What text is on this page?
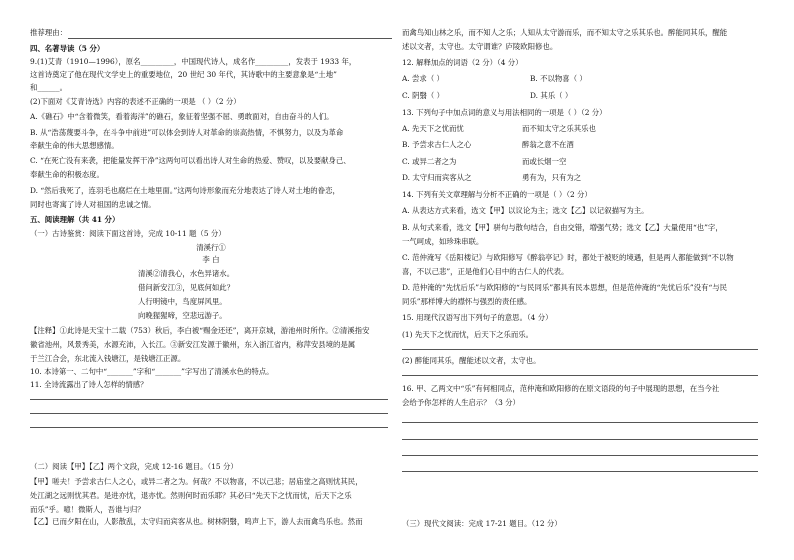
推荐理由：
四、名著导读（5 分）
9.(1)艾青（1910—1996），原名_________，中国现代诗人，成名作_________，发表于 1933 年，
这首诗奠定了他在现代文学史上的重要地位，20 世纪 30 年代，其诗歌中的主要意象是“土地”
和______。
(2)下面对《艾青诗选》内容的表述不正确的一项是 （ ）（2 分）
A.《礁石》中“含着微笑，看着海洋”的礁石，象征着坚强不屈、勇敢面对，自由奋斗的人们。
B. 从“浩荡蔑要斗争，在斗争中前进”可以体会到诗人对革命的崇高热情，不惧努力，以及为革命
牵献生命的伟大思想感情。
C. “在死亡没有来袭，把能量发挥干净”这两句可以看出诗人对生命的热爱、赞叹，以及要献身己、
奉献生命的积极态度。
D. “然后我死了，连羽毛也腐烂在土地里面。”这两句诗形象而充分地表达了诗人对土地的眷恋，
同时也寄寓了诗人对祖国的忠诚之情。
五、阅读理解（共 41 分）
（一）古诗鉴赏：阅读下面这首诗，完成 10-11 题（5 分）
清溪行①
李 白
清溪②清我心，水色异诸水。
借问新安江③，见底何如此？
人行明镜中，鸟度屏风里。
向晚猩猩啼，空悲远游子。
【注释】①此诗是天宝十二载（753）秋后，李白被“赐金还还”，离开京城，游池州时所作。②清溪指安
徽省池州，风景秀美，水源充沛，入长江。③新安江发源于徽州，东入浙江省内，称萍安县境的是属
于兰江合会，东北流入钱塘江，是钱塘江正源。
10. 本诗第一、二句中“_______”字和“_______”字写出了清溪水色的特点。
11. 全诗流露出了诗人怎样的情感？
（二）阅读【甲】【乙】两个文段，完成 12-16 题目。（15 分）
【甲】嗟夫！予尝求古仁人之心，或异二者之为。何哉？不以物喜，不以己悲；居庙堂之高则忧其民，
处江湖之远则忧其君。是进亦忧，退亦忧。然则何时而乐耶？其必曰“先天下之忧而忧，后天下之乐
而乐”乎。噫！微斯人，吾谁与归？
【乙】已而夕阳在山，人影散乱，太守归而宾客从也。树林阴翳，鸣声上下，游人去而禽鸟乐也。然而
而禽鸟知山林之乐，而不知人之乐；人知从太守游而乐，而不知太守之乐其乐也。醉能同其乐，醒能
述以文者，太守也。太守谓谁？庐陵欧阳修也。
12. 解释加点的词语（2 分）（4 分）
A. 尝求（ ）	B. 不以物喜（ ）
C. 阴翳（ ）	D. 其乐（ ）
13. 下列句子中加点词的意义与用法相同的一项是（ ）（2 分）
A. 先天下之忧而忧	而不知太守之乐其乐也
B. 予尝求古仁人之心	醉翁之意不在酒
C. 或异二者之为	而或长烟一空
D. 太守归而宾客从之	勇有为，只有为之
14. 下列有关文章理解与分析不正确的一项是（ ）（2 分）
A. 从表达方式来看，选文【甲】以议论为主；选文【乙】以记叙描写为主。
B. 从句式来看，选文【甲】骈句与散句结合，自由交错，増强气势；选文【乙】大量使用“也”字，
一气呵成，如珍珠串联。
C. 范仲淹写《岳阳楼记》与欧阳修写《醉翁亭记》时，都处于被贬的境遇，但是两人都能做到“不以物
喜，不以己悲”，正是他们心目中的古仁人的代表。
D. 范仲淹的“先忧后乐”与欧阳修的“与民同乐”都具有民本思想，但是范仲淹的“先忧后乐”没有“与民
同乐”那样博大的襟怀与强烈的责任感。
15. 用现代汉语写出下列句子的意思。（4 分）
(1) 先天下之忧而忧，后天下之乐而乐。
(2) 醉能同其乐，醒能述以文者，太守也。
16. 甲、乙两文中“乐”有何相同点，范仲淹和欧阳修的在原文语段的句子中展现的思想，在当今社
会给予你怎样的人生启示？（3 分）
（三）现代文阅读：完成 17-21 题目。（12 分）
